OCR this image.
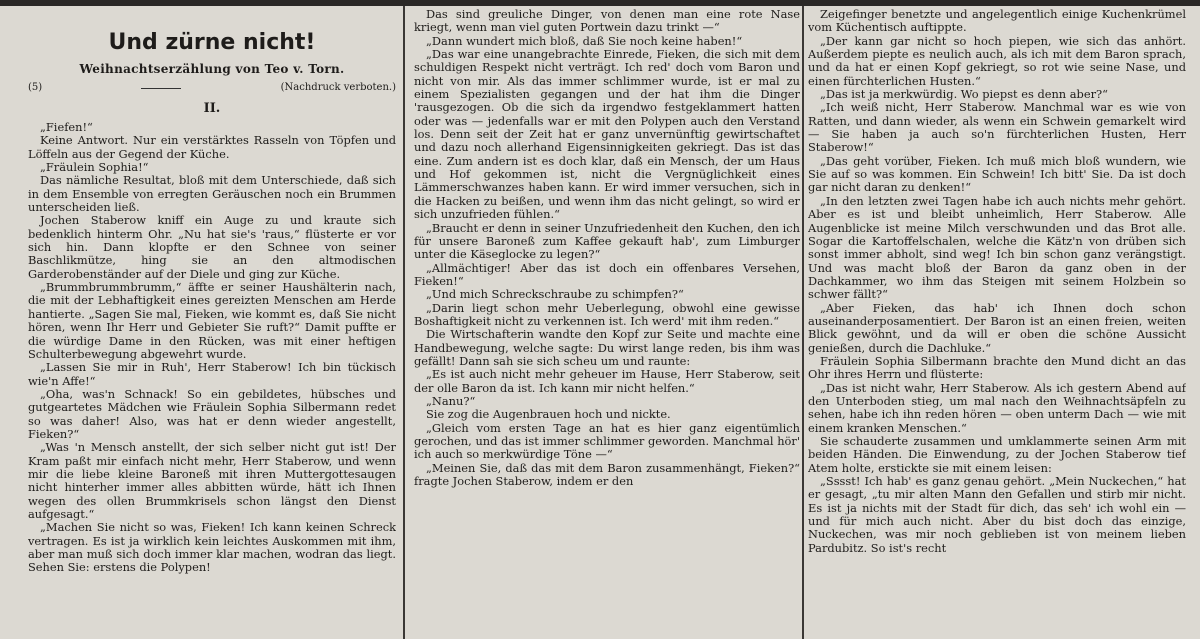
Und zürne nicht!
Weihnachtserzählung von Teo v. Torn.
(5)	(Nachdruck verboten.)
II.

„Fiefen!“

Keine Antwort. Nur ein verstärktes Rasseln von Töpfen und Löffeln aus der Gegend der Küche.

„Fräulein Sophia!“

Das nämliche Resultat, bloß mit dem Unterschiede, daß sich in dem Ensemble von erregten Geräuschen noch ein Brummen unterscheiden ließ.

Jochen Staberow kniff ein Auge zu und kraute sich bedenklich hinterm Ohr. „Nu hat sie's 'raus,“ flüsterte er vor sich hin. Dann klopfte er den Schnee von seiner Baschlikmütze, hing sie an den altmodischen Garderobenständer auf der Diele und ging zur Küche.

„Brummbrummbrumm,“ äffte er seiner Haushälterin nach, die mit der Lebhaftigkeit eines gereizten Menschen am Herde hantierte. „Sagen Sie mal, Fieken, wie kommt es, daß Sie nicht hören, wenn Ihr Herr und Gebieter Sie ruft?“ Damit puffte er die würdige Dame in den Rücken, was mit einer heftigen Schulterbewegung abgewehrt wurde.

„Lassen Sie mir in Ruh', Herr Staberow! Ich bin tückisch wie'n Affe!“

„Oha, was'n Schnack! So ein gebildetes, hübsches und gutgeartetes Mädchen wie Fräulein Sophia Silbermann redet so was daher! Also, was hat er denn wieder angestellt, Fieken?“

„Was 'n Mensch anstellt, der sich selber nicht gut ist! Der Kram paßt mir einfach nicht mehr, Herr Staberow, und wenn mir die liebe kleine Baroneß mit ihren Muttergottesaugen nicht hinterher immer alles abbitten würde, hätt ich Ihnen wegen des ollen Brummkrisels schon längst den Dienst aufgesagt.“

„Machen Sie nicht so was, Fieken! Ich kann keinen Schreck vertragen. Es ist ja wirklich kein leichtes Auskommen mit ihm, aber man muß sich doch immer klar machen, wodran das liegt. Sehen Sie: erstens die Polypen!

Das sind greuliche Dinger, von denen man eine rote Nase kriegt, wenn man viel guten Portwein dazu trinkt —“

„Dann wundert mich bloß, daß Sie noch keine haben!“

„Das war eine unangebrachte Einrede, Fieken, die sich mit dem schuldigen Respekt nicht verträgt. Ich red' doch vom Baron und nicht von mir. Als das immer schlimmer wurde, ist er mal zu einem Spezialisten gegangen und der hat ihm die Dinger 'rausgezogen. Ob die sich da irgendwo festgeklammert hatten oder was — jedenfalls war er mit den Polypen auch den Verstand los. Denn seit der Zeit hat er ganz unvernünftig gewirtschaftet und dazu noch allerhand Eigensinnigkeiten gekriegt. Das ist das eine. Zum andern ist es doch klar, daß ein Mensch, der um Haus und Hof gekommen ist, nicht die Vergnüglichkeit eines Lämmerschwanzes haben kann. Er wird immer versuchen, sich in die Hacken zu beißen, und wenn ihm das nicht gelingt, so wird er sich unzufrieden fühlen.“

„Braucht er denn in seiner Unzufriedenheit den Kuchen, den ich für unsere Baroneß zum Kaffee gekauft hab', zum Limburger unter die Käseglocke zu legen?“

„Allmächtiger! Aber das ist doch ein offenbares Versehen, Fieken!“

„Und mich Schreckschraube zu schimpfen?“

„Darin liegt schon mehr Ueberlegung, obwohl eine gewisse Boshaftigkeit nicht zu verkennen ist. Ich werd' mit ihm reden.“

Die Wirtschafterin wandte den Kopf zur Seite und machte eine Handbewegung, welche sagte: Du wirst lange reden, bis ihm was gefällt! Dann sah sie sich scheu um und raunte:

„Es ist auch nicht mehr geheuer im Hause, Herr Staberow, seit der olle Baron da ist. Ich kann mir nicht helfen.“

„Nanu?“

Sie zog die Augenbrauen hoch und nickte.

„Gleich vom ersten Tage an hat es hier ganz eigentümlich gerochen, und das ist immer schlimmer geworden. Manchmal hör' ich auch so merkwürdige Töne —“

„Meinen Sie, daß das mit dem Baron zusammenhängt, Fieken?“ fragte Jochen Staberow, indem er den

Zeigefinger benetzte und angelegentlich einige Kuchenkrümel vom Küchentisch auftippte.

„Der kann gar nicht so hoch piepen, wie sich das anhört. Außerdem piepte es neulich auch, als ich mit dem Baron sprach, und da hat er einen Kopf gekriegt, so rot wie seine Nase, und einen fürchterlichen Husten.“

„Das ist ja merkwürdig. Wo piepst es denn aber?“

„Ich weiß nicht, Herr Staberow. Manchmal war es wie von Ratten, und dann wieder, als wenn ein Schwein gemarkelt wird — Sie haben ja auch so'n fürchterlichen Husten, Herr Staberow!“

„Das geht vorüber, Fieken. Ich muß mich bloß wundern, wie Sie auf so was kommen. Ein Schwein! Ich bitt' Sie. Da ist doch gar nicht daran zu denken!“

„In den letzten zwei Tagen habe ich auch nichts mehr gehört. Aber es ist und bleibt unheimlich, Herr Staberow. Alle Augenblicke ist meine Milch verschwunden und das Brot alle. Sogar die Kartoffelschalen, welche die Kätz'n von drüben sich sonst immer abholt, sind weg! Ich bin schon ganz verängstigt. Und was macht bloß der Baron da ganz oben in der Dachkammer, wo ihm das Steigen mit seinem Holzbein so schwer fällt?“

„Aber Fieken, das hab' ich Ihnen doch schon auseinanderposamentiert. Der Baron ist an einen freien, weiten Blick gewöhnt, und da will er oben die schöne Aussicht genießen, durch die Dachluke.“

Fräulein Sophia Silbermann brachte den Mund dicht an das Ohr ihres Herrn und flüsterte:

„Das ist nicht wahr, Herr Staberow. Als ich gestern Abend auf den Unterboden stieg, um mal nach den Weihnachtsäpfeln zu sehen, habe ich ihn reden hören — oben unterm Dach — wie mit einem kranken Menschen.“

Sie schauderte zusammen und umklammerte seinen Arm mit beiden Händen. Die Einwendung, zu der Jochen Staberow tief Atem holte, erstickte sie mit einem leisen:

„Sssst! Ich hab' es ganz genau gehört. „Mein Nuckechen,“ hat er gesagt, „tu mir alten Mann den Gefallen und stirb mir nicht. Es ist ja nichts mit der Stadt für dich, das seh' ich wohl ein — und für mich auch nicht. Aber du bist doch das einzige, Nuckechen, was mir noch geblieben ist von meinem lieben Pardubitz. So ist's recht
